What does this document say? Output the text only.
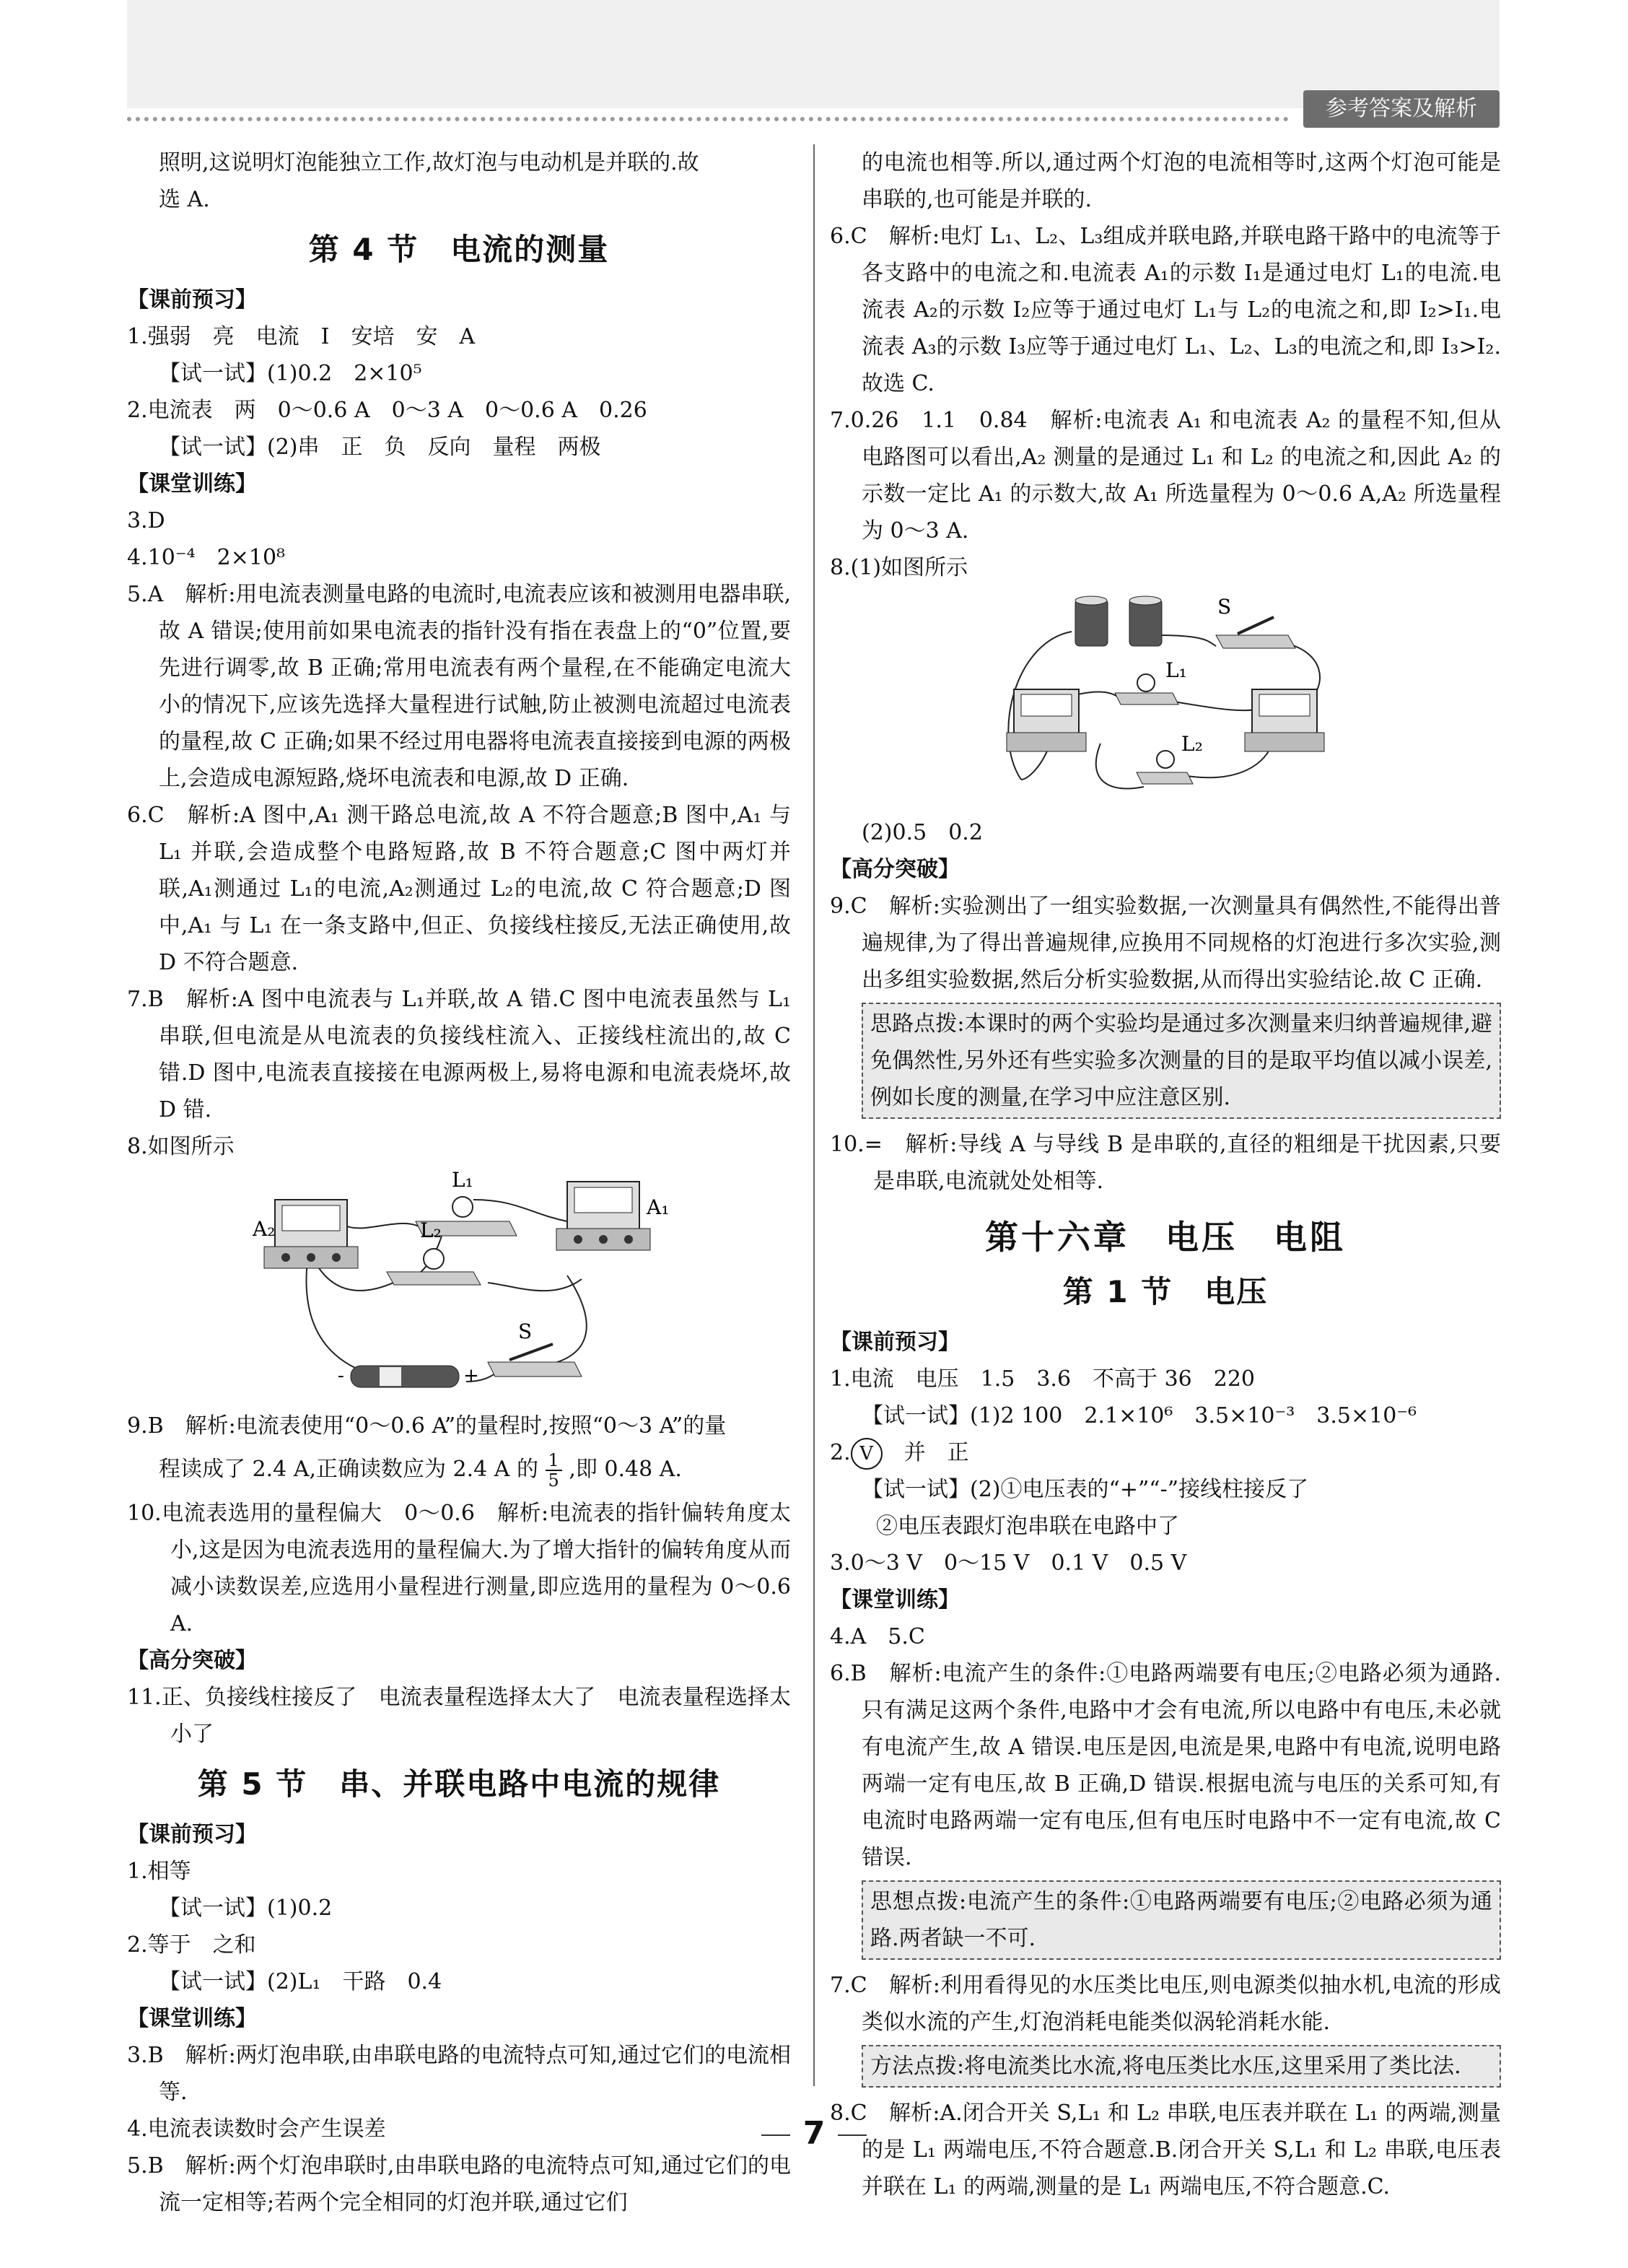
参考答案及解析
照明,这说明灯泡能独立工作,故灯泡与电动机是并联的.故
选 A.
第 4 节　电流的测量
【课前预习】
1.强弱　亮　电流　I　安培　安　A
【试一试】(1)0.2　2×10⁵
2.电流表　两　0～0.6 A　0～3 A　0～0.6 A　0.26
【试一试】(2)串　正　负　反向　量程　两极
【课堂训练】
3.D
4.10⁻⁴　2×10⁸
5.A　解析:用电流表测量电路的电流时,电流表应该和被测用电器串联,故 A 错误;使用前如果电流表的指针没有指在表盘上的“0”位置,要先进行调零,故 B 正确;常用电流表有两个量程,在不能确定电流大小的情况下,应该先选择大量程进行试触,防止被测电流超过电流表的量程,故 C 正确;如果不经过用电器将电流表直接接到电源的两极上,会造成电源短路,烧坏电流表和电源,故 D 正确.
6.C　解析:A 图中,A₁ 测干路总电流,故 A 不符合题意;B 图中,A₁ 与 L₁ 并联,会造成整个电路短路,故 B 不符合题意;C 图中两灯并联,A₁测通过 L₁的电流,A₂测通过 L₂的电流,故 C 符合题意;D 图中,A₁ 与 L₁ 在一条支路中,但正、负接线柱接反,无法正确使用,故 D 不符合题意.
7.B　解析:A 图中电流表与 L₁并联,故 A 错.C 图中电流表虽然与 L₁串联,但电流是从电流表的负接线柱流入、正接线柱流出的,故 C 错.D 图中,电流表直接接在电源两极上,易将电源和电流表烧坏,故 D 错.
8.如图所示
A₂
A₁
L₁
L₂
-	+
S
9.B　解析:电流表使用“0～0.6 A”的量程时,按照“0～3 A”的量
程读成了 2.4 A,正确读数应为 2.4 A 的 $\frac{1}{5}$ ,即 0.48 A.
10.电流表选用的量程偏大　0～0.6　解析:电流表的指针偏转角度太小,这是因为电流表选用的量程偏大.为了增大指针的偏转角度从而减小读数误差,应选用小量程进行测量,即应选用的量程为 0～0.6 A.
【高分突破】
11.正、负接线柱接反了　电流表量程选择太大了　电流表量程选择太小了
第 5 节　串、并联电路中电流的规律
【课前预习】
1.相等
【试一试】(1)0.2
2.等于　之和
【试一试】(2)L₁　干路　0.4
【课堂训练】
3.B　解析:两灯泡串联,由串联电路的电流特点可知,通过它们的电流相等.
4.电流表读数时会产生误差
5.B　解析:两个灯泡串联时,由串联电路的电流特点可知,通过它们的电流一定相等;若两个完全相同的灯泡并联,通过它们
的电流也相等.所以,通过两个灯泡的电流相等时,这两个灯泡可能是串联的,也可能是并联的.
6.C　解析:电灯 L₁、L₂、L₃组成并联电路,并联电路干路中的电流等于各支路中的电流之和.电流表 A₁的示数 I₁是通过电灯 L₁的电流.电流表 A₂的示数 I₂应等于通过电灯 L₁与 L₂的电流之和,即 I₂>I₁.电流表 A₃的示数 I₃应等于通过电灯 L₁、L₂、L₃的电流之和,即 I₃>I₂.故选 C.
7.0.26　1.1　0.84　解析:电流表 A₁ 和电流表 A₂ 的量程不知,但从电路图可以看出,A₂ 测量的是通过 L₁ 和 L₂ 的电流之和,因此 A₂ 的示数一定比 A₁ 的示数大,故 A₁ 所选量程为 0～0.6 A,A₂ 所选量程为 0～3 A.
8.(1)如图所示
S
L₁
L₂
(2)0.5　0.2
【高分突破】
9.C　解析:实验测出了一组实验数据,一次测量具有偶然性,不能得出普遍规律,为了得出普遍规律,应换用不同规格的灯泡进行多次实验,测出多组实验数据,然后分析实验数据,从而得出实验结论.故 C 正确.
思路点拨:本课时的两个实验均是通过多次测量来归纳普遍规律,避免偶然性,另外还有些实验多次测量的目的是取平均值以减小误差,例如长度的测量,在学习中应注意区别.
10.=　解析:导线 A 与导线 B 是串联的,直径的粗细是干扰因素,只要是串联,电流就处处相等.
第十六章　电压　电阻
第 1 节　电压
【课前预习】
1.电流　电压　1.5　3.6　不高于 36　220
【试一试】(1)2 100　2.1×10⁶　3.5×10⁻³　3.5×10⁻⁶
2. V　并　正
【试一试】(2)①电压表的“+”“-”接线柱接反了
②电压表跟灯泡串联在电路中了
3.0～3 V　0～15 V　0.1 V　0.5 V
【课堂训练】
4.A　5.C
6.B　解析:电流产生的条件:①电路两端要有电压;②电路必须为通路.只有满足这两个条件,电路中才会有电流,所以电路中有电压,未必就有电流产生,故 A 错误.电压是因,电流是果,电路中有电流,说明电路两端一定有电压,故 B 正确,D 错误.根据电流与电压的关系可知,有电流时电路两端一定有电压,但有电压时电路中不一定有电流,故 C 错误.
思想点拨:电流产生的条件:①电路两端要有电压;②电路必须为通路.两者缺一不可.
7.C　解析:利用看得见的水压类比电压,则电源类似抽水机,电流的形成类似水流的产生,灯泡消耗电能类似涡轮消耗水能.
方法点拨:将电流类比水流,将电压类比水压,这里采用了类比法.
8.C　解析:A.闭合开关 S,L₁ 和 L₂ 串联,电压表并联在 L₁ 的两端,测量的是 L₁ 两端电压,不符合题意.B.闭合开关 S,L₁ 和 L₂ 串联,电压表并联在 L₁ 的两端,测量的是 L₁ 两端电压,不符合题意.C.
7
